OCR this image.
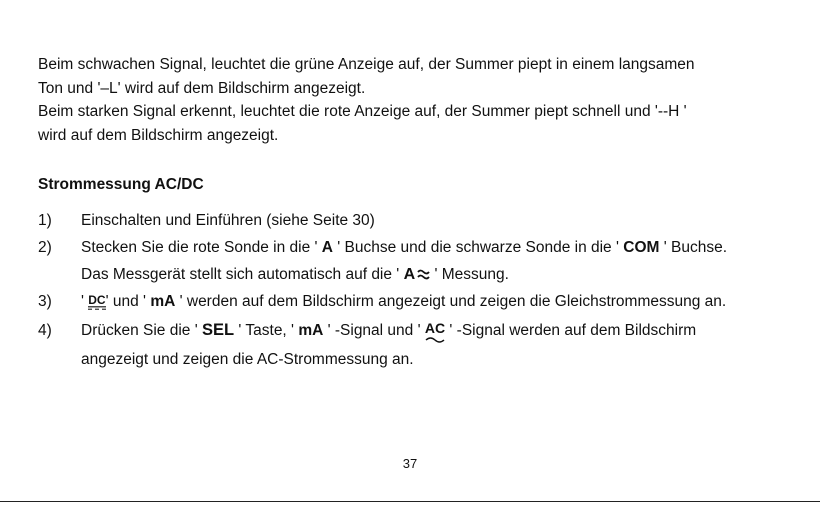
Beim schwachen Signal, leuchtet die grüne Anzeige auf, der Summer piept in einem langsamen
Ton und '–L' wird auf dem Bildschirm angezeigt.
Beim starken Signal erkennt, leuchtet die rote Anzeige auf, der Summer piept schnell und '--H '
wird auf dem Bildschirm angezeigt.
Strommessung AC/DC
1) Einschalten und Einführen (siehe Seite 30)
2) Stecken Sie die rote Sonde in die ' A ' Buchse und die schwarze Sonde in die ' COM ' Buchse.
Das Messgerät stellt sich automatisch auf die ' A ' Messung.
3) ' DC
' und ' mA ' werden auf dem Bildschirm angezeigt und zeigen die Gleichstrommessung an.
4) Drücken Sie die ' SEL ' Taste, ' mA ' -Signal und ' AC
' -Signal werden auf dem Bildschirm
angezeigt und zeigen die AC-Strommessung an.
37
